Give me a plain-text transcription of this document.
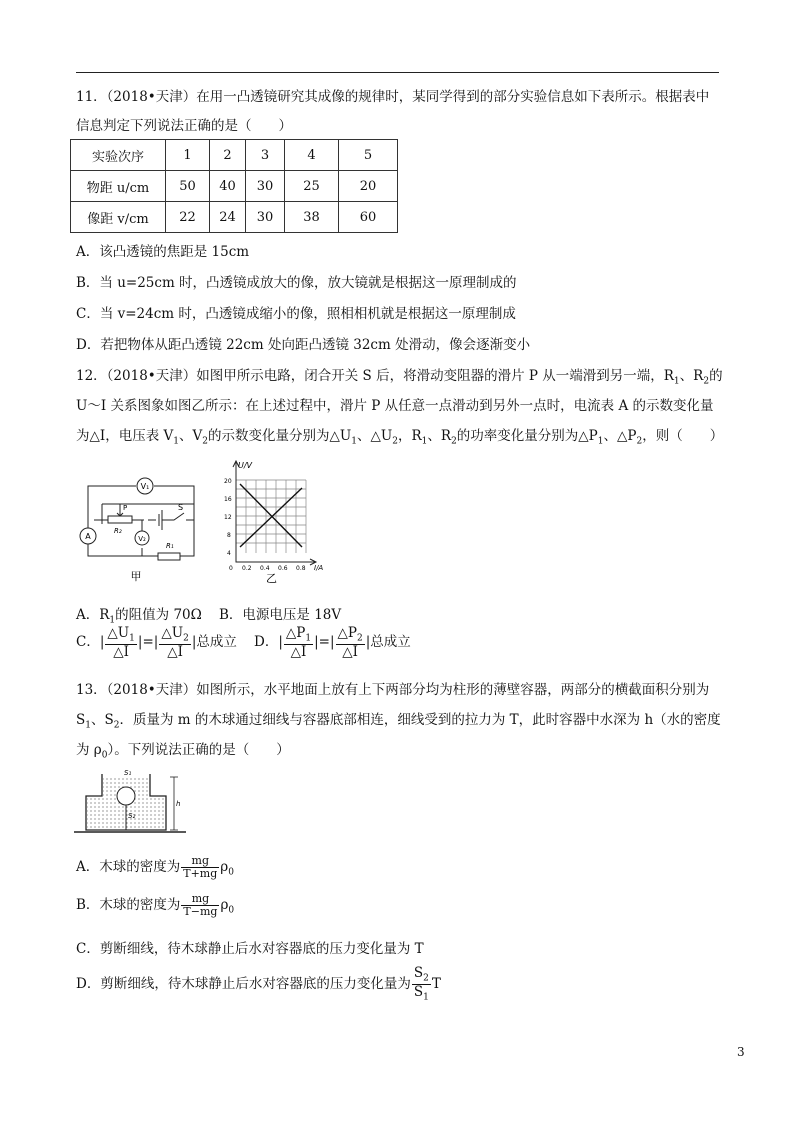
11．（2018•天津）在用一凸透镜研究其成像的规律时，某同学得到的部分实验信息如下表所示。根据表中
信息判定下列说法正确的是（　　）
实验次序	1	2	3	4	5
物距 u/cm	50	40	30	25	20
像距 v/cm	22	24	30	38	60
A．该凸透镜的焦距是 15cm
B．当 u=25cm 时，凸透镜成放大的像，放大镜就是根据这一原理制成的
C．当 v=24cm 时，凸透镜成缩小的像，照相相机就是根据这一原理制成
D．若把物体从距凸透镜 22cm 处向距凸透镜 32cm 处滑动，像会逐渐变小
12．（2018•天津）如图甲所示电路，闭合开关 S 后，将滑动变阻器的滑片 P 从一端滑到另一端，$R_1$、$R_2$的
U～I 关系图象如图乙所示：在上述过程中，滑片 P 从任意一点滑动到另外一点时，电流表 A 的示数变化量
为△I，电压表 $V_1$、$V_2$的示数变化量分别为$\triangle U_1$、$\triangle U_2$，$R_1$、$R_2$的功率变化量分别为$\triangle P_1$、$\triangle P_2$，则（　　）
V₁
P
R₂
A	V₂
S
R₁
甲
U/V
20
16
12
8
4
0 0.2 0.4 0.6 0.8 I/A
乙
A．$R_1$的阻值为 70Ω B．电源电压是 18V
C．| $\frac{\triangle U_1}{\triangle I}$ |=| $\frac{\triangle U_2}{\triangle I}$ |总成立 D．| $\frac{\triangle P_1}{\triangle I}$ |=| $\frac{\triangle P_2}{\triangle I}$ |总成立
13．（2018•天津）如图所示，水平地面上放有上下两部分均为柱形的薄壁容器，两部分的横截面积分别为
$S_1$、$S_2$．质量为 m 的木球通过细线与容器底部相连，细线受到的拉力为 T，此时容器中水深为 h（水的密度
为 $\rho_0$）。下列说法正确的是（　　）
S₁
S₂
h
A．木球的密度为 $\frac{mg}{T+mg} \rho_0$
B．木球的密度为 $\frac{mg}{T-mg} \rho_0$
C．剪断细线，待木球静止后水对容器底的压力变化量为 T
D．剪断细线，待木球静止后水对容器底的压力变化量为 $\frac{S_2}{S_1}$ T
3
